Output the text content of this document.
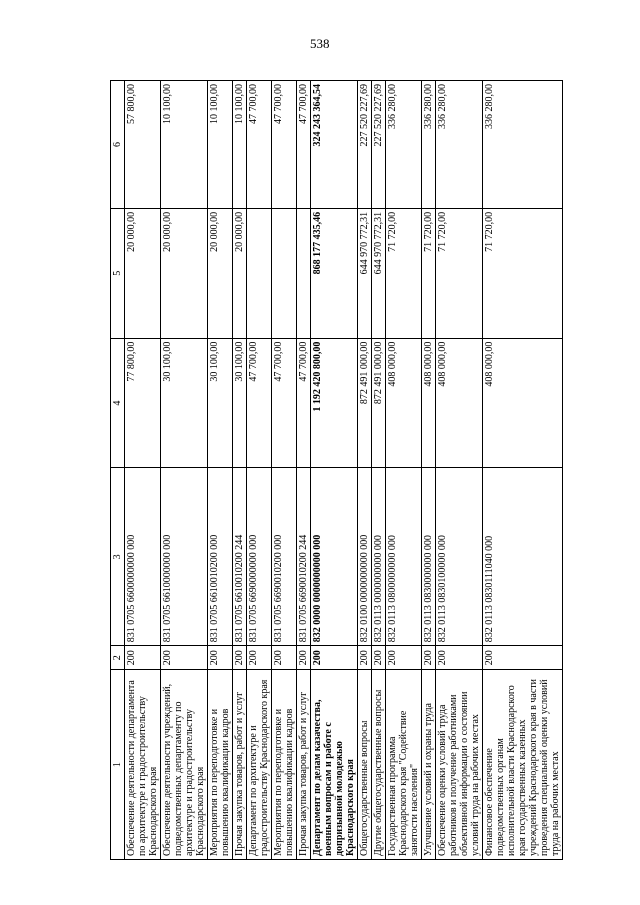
538
1	2	3	4	5	6
Обеспечение деятельности департамента по архитектуре и градостроительству Краснодарского края	200	831 0705 6600000000 000	77 800,00	20 000,00	57 800,00
Обеспечение деятельности учреждений, подведомственных департаменту по архитектуре и градостроительству Краснодарского края	200	831 0705 6610000000 000	30 100,00	20 000,00	10 100,00
Мероприятия по переподготовке и повышению квалификации кадров	200	831 0705 6610010200 000	30 100,00	20 000,00	10 100,00
Прочая закупка товаров, работ и услуг	200	831 0705 6610010200 244	30 100,00	20 000,00	10 100,00
Департамент по архитектуре и градостроительству Краснодарского края	200	831 0705 6690000000 000	47 700,00		47 700,00
Мероприятия по переподготовке и повышению квалификации кадров	200	831 0705 6690010200 000	47 700,00		47 700,00
Прочая закупка товаров, работ и услуг	200	831 0705 6690010200 244	47 700,00		47 700,00
Департамент по делам казачества, военным вопросам и работе с допризывной молодежью Краснодарского края	200	832 0000 0000000000 000	1 192 420 800,00	868 177 435,46	324 243 364,54
Общегосударственные вопросы	200	832 0100 0000000000 000	872 491 000,00	644 970 772,31	227 520 227,69
Другие общегосударственные вопросы	200	832 0113 0000000000 000	872 491 000,00	644 970 772,31	227 520 227,69
Государственная программа Краснодарского края "Содействие занятости населения"	200	832 0113 0800000000 000	408 000,00	71 720,00	336 280,00
Улучшение условий и охраны труда	200	832 0113 0830000000 000	408 000,00	71 720,00	336 280,00
Обеспечение оценки условий труда работников и получение работниками объективной информации о состоянии условий труда на рабочих местах	200	832 0113 0830100000 000	408 000,00	71 720,00	336 280,00
Финансовое обеспечение подведомственных органам исполнительной власти Краснодарского края государственных казенных учреждений Краснодарского края в части проведения специальной оценки условий труда на рабочих местах	200	832 0113 0830111040 000	408 000,00	71 720,00	336 280,00
